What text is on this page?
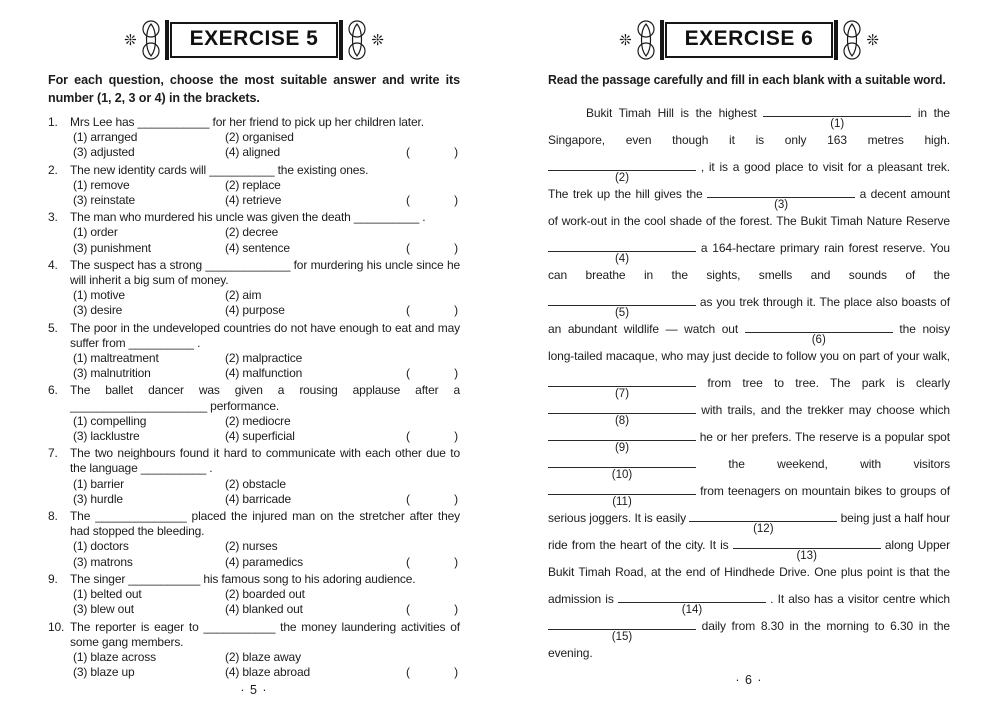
❊	EXERCISE 5	❊
For each question, choose the most suitable answer and write its number (1, 2, 3 or 4) in the brackets.
1.	Mrs Lee has ___________ for her friend to pick up her children later.
(1) arranged	(2) organised
(3) adjusted	(4) aligned	(	)
2.	The new identity cards will __________ the existing ones.
(1) remove	(2) replace
(3) reinstate	(4) retrieve	(	)
3.	The man who murdered his uncle was given the death __________ .
(1) order	(2) decree
(3) punishment	(4) sentence	(	)
4.	The suspect has a strong _____________ for murdering his uncle since he will inherit a big sum of money.
(1) motive	(2) aim
(3) desire	(4) purpose	(	)
5.	The poor in the undeveloped countries do not have enough to eat and may suffer from __________ .
(1) maltreatment	(2) malpractice
(3) malnutrition	(4) malfunction	(	)
6.	The ballet dancer was given a rousing applause after a _____________________ performance.
(1) compelling	(2) mediocre
(3) lacklustre	(4) superficial	(	)
7.	The two neighbours found it hard to communicate with each other due to the language __________ .
(1) barrier	(2) obstacle
(3) hurdle	(4) barricade	(	)
8.	The ______________ placed the injured man on the stretcher after they had stopped the bleeding.
(1) doctors	(2) nurses
(3) matrons	(4) paramedics	(	)
9.	The singer ___________ his famous song to his adoring audience.
(1) belted out	(2) boarded out
(3) blew out	(4) blanked out	(	)
10. The reporter is eager to ___________ the money laundering activities of some gang members.
(1) blaze across	(2) blaze away
(3) blaze up	(4) blaze abroad	(	)
· 5 ·
❊	EXERCISE 6	❊
Read the passage carefully and fill in each blank with a suitable word.
Bukit Timah Hill is the highest
(1)
in the Singapore, even though it is only 163 metres high.
(2)
, it is a good place to visit for a pleasant trek. The trek up the hill gives the
(3)
a decent amount of work-out in the cool shade of the forest. The Bukit Timah Nature Reserve
(4)
a 164-hectare primary rain forest reserve. You can breathe in the sights, smells and sounds of the
(5)
as you trek through it. The place also boasts of an abundant wildlife — watch out
(6)
the noisy long-tailed macaque, who may just decide to follow you on part of your walk,
(7)
from tree to tree. The park is clearly
(8)
with trails, and the trekker may choose which
(9)
he or her prefers. The reserve is a popular spot
(10)
the weekend, with visitors
(11)
from teenagers on mountain bikes to groups of serious joggers. It is easily
(12)
being just a half hour ride from the heart of the city. It is
(13)
along Upper Bukit Timah Road, at the end of Hindhede Drive. One plus point is that the admission is
(14)
. It also has a visitor centre which
(15)
daily from 8.30 in the morning to 6.30 in the evening.
· 6 ·
